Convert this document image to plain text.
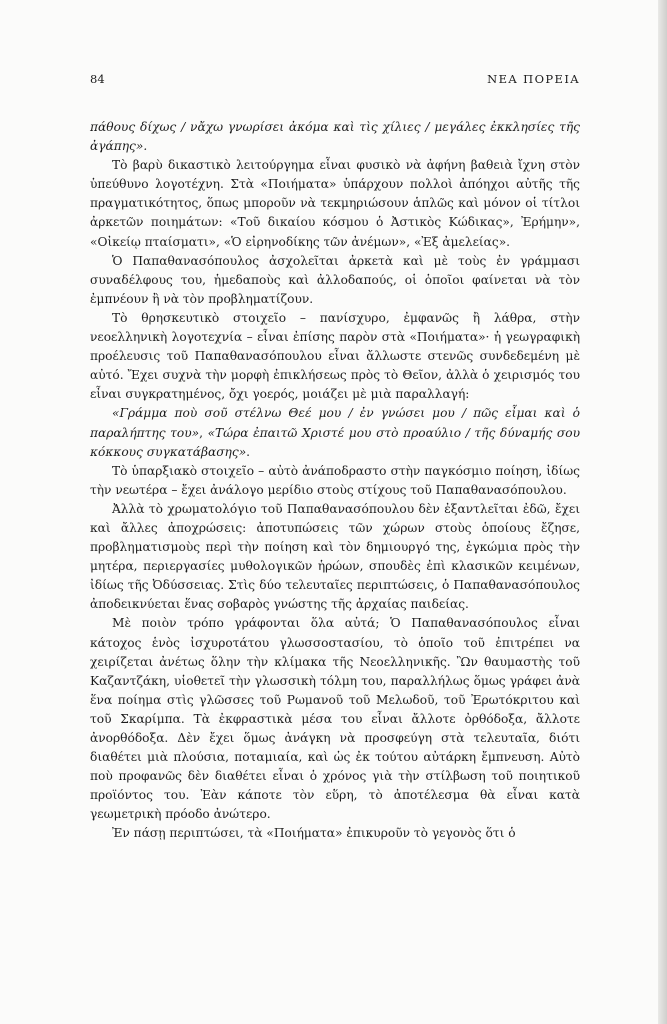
84	ΝΕΑ ΠΟΡΕΙΑ

πάθους δίχως / νἄχω γνωρίσει ἀκόμα καὶ τὶς χίλιες / μεγάλες ἐκκλησίες τῆς ἀγάπης».

Τὸ βαρὺ δικαστικὸ λειτούργημα εἶναι φυσικὸ νὰ ἀφήνη βαθειὰ ἴχνη στὸν ὑπεύθυνο λογοτέχνη. Στὰ «Ποιήματα» ὑπάρχουν πολλοὶ ἀπόηχοι αὐτῆς τῆς πραγματικότητος, ὅπως μποροῦν νὰ τεκμηριώσουν ἁπλῶς καὶ μόνον οἱ τίτλοι ἀρκετῶν ποιημάτων: «Τοῦ δικαίου κόσμου ὁ Ἀστικὸς Κώδικας», Ἐρήμην», «Οἰκείῳ πταίσματι», «Ὁ εἰρηνοδίκης τῶν ἀνέμων», «Ἐξ ἀμελείας».

Ὁ Παπαθανασόπουλος ἀσχολεῖται ἀρκετὰ καὶ μὲ τοὺς ἐν γράμμασι συναδέλφους του, ἡμεδαποὺς καὶ ἀλλοδαπούς, οἱ ὁποῖοι φαίνεται νὰ τὸν ἐμπνέουν ἢ νὰ τὸν προβληματίζουν.

Τὸ θρησκευτικὸ στοιχεῖο – πανίσχυρο, ἐμφανῶς ἢ λάθρα, στὴν νεοελληνικὴ λογοτεχνία – εἶναι ἐπίσης παρὸν στὰ «Ποιήματα»· ἡ γεωγραφικὴ προέλευσις τοῦ Παπαθανασόπουλου εἶναι ἄλλωστε στενῶς συνδεδεμένη μὲ αὐτό. Ἔχει συχνὰ τὴν μορφὴ ἐπικλήσεως πρὸς τὸ Θεῖον, ἀλλὰ ὁ χειρισμός του εἶναι συγκρατημένος, ὄχι γοερός, μοιάζει μὲ μιὰ παραλλαγή:

«Γράμμα ποὺ σοῦ στέλνω Θεέ μου / ἐν γνώσει μου / πῶς εἶμαι καὶ ὁ παραλήπτης του», «Τώρα ἐπαιτῶ Χριστέ μου στὸ προαύλιο / τῆς δύναμής σου κόκκους συγκατάβασης».

Τὸ ὑπαρξιακὸ στοιχεῖο – αὐτὸ ἀνάποδραστο στὴν παγκόσμιο ποίηση, ἰδίως τὴν νεωτέρα – ἔχει ἀνάλογο μερίδιο στοὺς στίχους τοῦ Παπαθανασόπουλου.

Ἀλλὰ τὸ χρωματολόγιο τοῦ Παπαθανασόπουλου δὲν ἐξαντλεῖται ἐδῶ, ἔχει καὶ ἄλλες ἀποχρώσεις: ἀποτυπώσεις τῶν χώρων στοὺς ὁποίους ἔζησε, προβληματισμοὺς περὶ τὴν ποίηση καὶ τὸν δημιουργό της, ἐγκώμια πρὸς τὴν μητέρα, περιεργασίες μυθολογικῶν ἡρώων, σπουδὲς ἐπὶ κλασικῶν κειμένων, ἰδίως τῆς Ὀδύσσειας. Στὶς δύο τελευταῖες περιπτώσεις, ὁ Παπαθανασόπουλος ἀποδεικνύεται ἕνας σοβαρὸς γνώστης τῆς ἀρχαίας παιδείας.

Μὲ ποιὸν τρόπο γράφονται ὅλα αὐτά; Ὁ Παπαθανασόπουλος εἶναι κάτοχος ἑνὸς ἰσχυροτάτου γλωσσοστασίου, τὸ ὁποῖο τοῦ ἐπιτρέπει να χειρίζεται ἀνέτως ὅλην τὴν κλίμακα τῆς Νεοελληνικῆς. Ὢν θαυμαστὴς τοῦ Καζαντζάκη, υἱοθετεῖ τὴν γλωσσικὴ τόλμη του, παραλλήλως ὅμως γράφει ἀνὰ ἕνα ποίημα στὶς γλῶσσες τοῦ Ρωμανοῦ τοῦ Μελωδοῦ, τοῦ Ἐρωτόκριτου καὶ τοῦ Σκαρίμπα. Τὰ ἐκφραστικὰ μέσα του εἶναι ἄλλοτε ὀρθόδοξα, ἄλλοτε ἀνορθόδοξα. Δὲν ἔχει ὅμως ἀνάγκη νὰ προσφεύγη στὰ τελευταῖα, διότι διαθέτει μιὰ πλούσια, ποταμιαία, καὶ ὡς ἐκ τούτου αὐτάρκη ἔμπνευση. Αὐτὸ ποὺ προφανῶς δὲν διαθέτει εἶναι ὁ χρόνος γιὰ τὴν στίλβωση τοῦ ποιητικοῦ προϊόντος του. Ἐὰν κάποτε τὸν εὕρη, τὸ ἀποτέλεσμα θὰ εἶναι κατὰ γεωμετρικὴ πρόοδο ἀνώτερο.

Ἐν πάσῃ περιπτώσει, τὰ «Ποιήματα» ἐπικυροῦν τὸ γεγονὸς ὅτι ὁ
